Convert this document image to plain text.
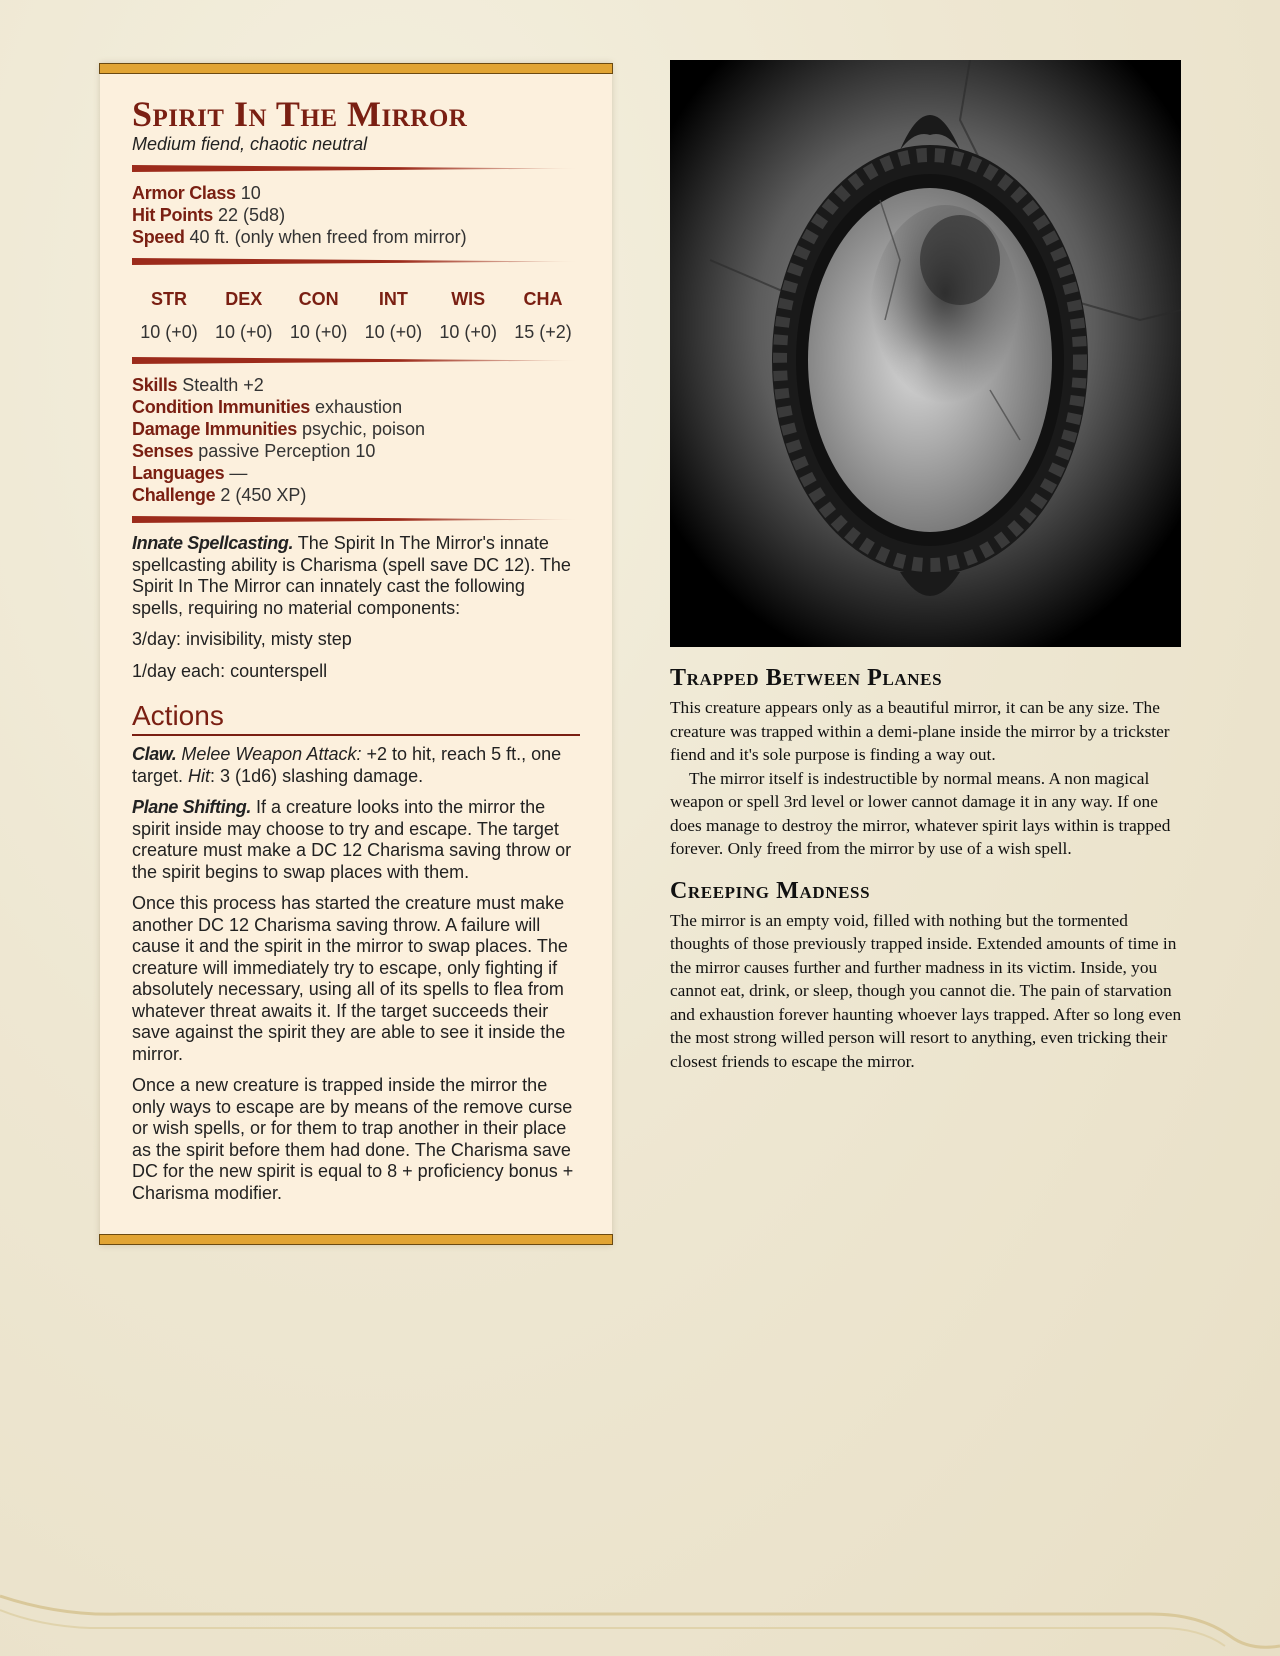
Spirit In The Mirror
Medium fiend, chaotic neutral
Armor Class 10
Hit Points 22 (5d8)
Speed 40 ft. (only when freed from mirror)
STR
10 (+0)
DEX
10 (+0)
CON
10 (+0)
INT
10 (+0)
WIS
10 (+0)
CHA
15 (+2)
Skills Stealth +2
Condition Immunities exhaustion
Damage Immunities psychic, poison
Senses passive Perception 10
Languages —
Challenge 2 (450 XP)

Innate Spellcasting. The Spirit In The Mirror's innate spellcasting ability is Charisma (spell save DC 12). The Spirit In The Mirror can innately cast the following spells, requiring no material components:

3/day: invisibility, misty step

1/day each: counterspell

Actions

Claw. Melee Weapon Attack: +2 to hit, reach 5 ft., one target. Hit: 3 (1d6) slashing damage.

Plane Shifting. If a creature looks into the mirror the spirit inside may choose to try and escape. The target creature must make a DC 12 Charisma saving throw or the spirit begins to swap places with them.

Once this process has started the creature must make another DC 12 Charisma saving throw. A failure will cause it and the spirit in the mirror to swap places. The creature will immediately try to escape, only fighting if absolutely necessary, using all of its spells to flea from whatever threat awaits it. If the target succeeds their save against the spirit they are able to see it inside the mirror.

Once a new creature is trapped inside the mirror the only ways to escape are by means of the remove curse or wish spells, or for them to trap another in their place as the spirit before them had done. The Charisma save DC for the new spirit is equal to 8 + proficiency bonus + Charisma modifier.

Trapped Between Planes

This creature appears only as a beautiful mirror, it can be any size. The creature was trapped within a demi-plane inside the mirror by a trickster fiend and it's sole purpose is finding a way out.

The mirror itself is indestructible by normal means. A non magical weapon or spell 3rd level or lower cannot damage it in any way. If one does manage to destroy the mirror, whatever spirit lays within is trapped forever. Only freed from the mirror by use of a wish spell.

Creeping Madness

The mirror is an empty void, filled with nothing but the tormented thoughts of those previously trapped inside. Extended amounts of time in the mirror causes further and further madness in its victim. Inside, you cannot eat, drink, or sleep, though you cannot die. The pain of starvation and exhaustion forever haunting whoever lays trapped. After so long even the most strong willed person will resort to anything, even tricking their closest friends to escape the mirror.
